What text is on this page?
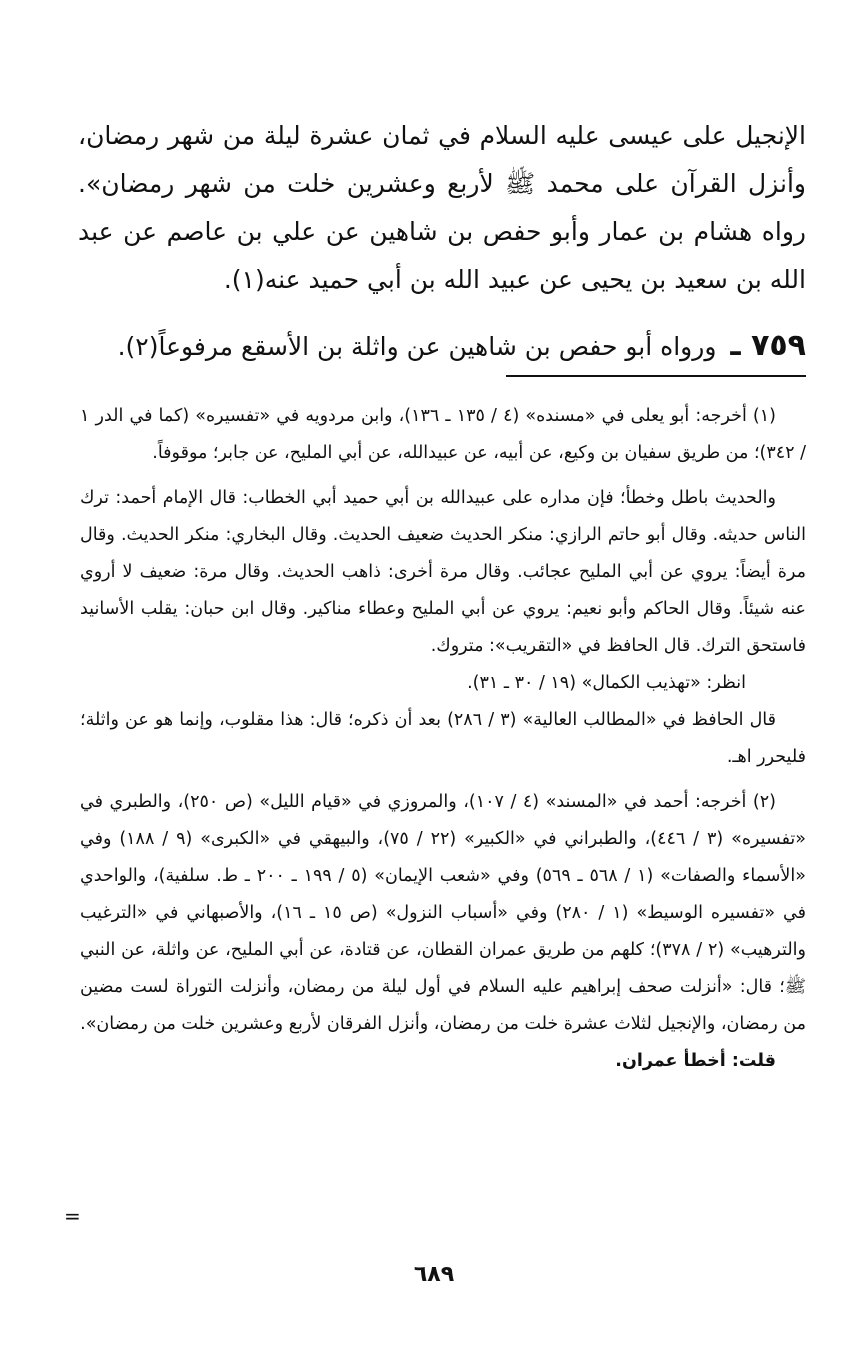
الإنجيل على عيسى عليه السلام في ثمان عشرة ليلة من شهر رمضان، وأنزل القرآن على محمد ﷺ لأربع وعشرين خلت من شهر رمضان». رواه هشام بن عمار وأبو حفص بن شاهين عن علي بن عاصم عن عبد الله بن سعيد بن يحيى عن عبيد الله بن أبي حميد عنه(١).

٧٥٩ ـ ورواه أبو حفص بن شاهين عن واثلة بن الأسقع مرفوعاً(٢).

(١) أخرجه: أبو يعلى في «مسنده» (٤ / ١٣٥ ـ ١٣٦)، وابن مردويه في «تفسيره» (كما في الدر ١ / ٣٤٢)؛ من طريق سفيان بن وكيع، عن أبيه، عن عبيدالله، عن أبي المليح، عن جابر؛ موقوفاً.

والحديث باطل وخطأ؛ فإن مداره على عبيدالله بن أبي حميد أبي الخطاب: قال الإمام أحمد: ترك الناس حديثه. وقال أبو حاتم الرازي: منكر الحديث ضعيف الحديث. وقال البخاري: منكر الحديث. وقال مرة أيضاً: يروي عن أبي المليح عجائب. وقال مرة أخرى: ذاهب الحديث. وقال مرة: ضعيف لا أروي عنه شيئاً. وقال الحاكم وأبو نعيم: يروي عن أبي المليح وعطاء مناكير. وقال ابن حبان: يقلب الأسانيد فاستحق الترك. قال الحافظ في «التقريب»: متروك.

انظر: «تهذيب الكمال» (١٩ / ٣٠ ـ ٣١).

قال الحافظ في «المطالب العالية» (٣ / ٢٨٦) بعد أن ذكره؛ قال: هذا مقلوب، وإنما هو عن واثلة؛ فليحرر اهـ.

(٢) أخرجه: أحمد في «المسند» (٤ / ١٠٧)، والمروزي في «قيام الليل» (ص ٢٥٠)، والطبري في «تفسيره» (٣ / ٤٤٦)، والطبراني في «الكبير» (٢٢ / ٧٥)، والبيهقي في «الكبرى» (٩ / ١٨٨) وفي «الأسماء والصفات» (١ / ٥٦٨ ـ ٥٦٩) وفي «شعب الإيمان» (٥ / ١٩٩ ـ ٢٠٠ ـ ط. سلفية)، والواحدي في «تفسيره الوسيط» (١ / ٢٨٠) وفي «أسباب النزول» (ص ١٥ ـ ١٦)، والأصبهاني في «الترغيب والترهيب» (٢ / ٣٧٨)؛ كلهم من طريق عمران القطان، عن قتادة، عن أبي المليح، عن واثلة، عن النبي ﷺ؛ قال: «أنزلت صحف إبراهيم عليه السلام في أول ليلة من رمضان، وأنزلت التوراة لست مضين من رمضان، والإنجيل لثلاث عشرة خلت من رمضان، وأنزل الفرقان لأربع وعشرين خلت من رمضان».

قلت: أخطأ عمران.

=
٦٨٩
